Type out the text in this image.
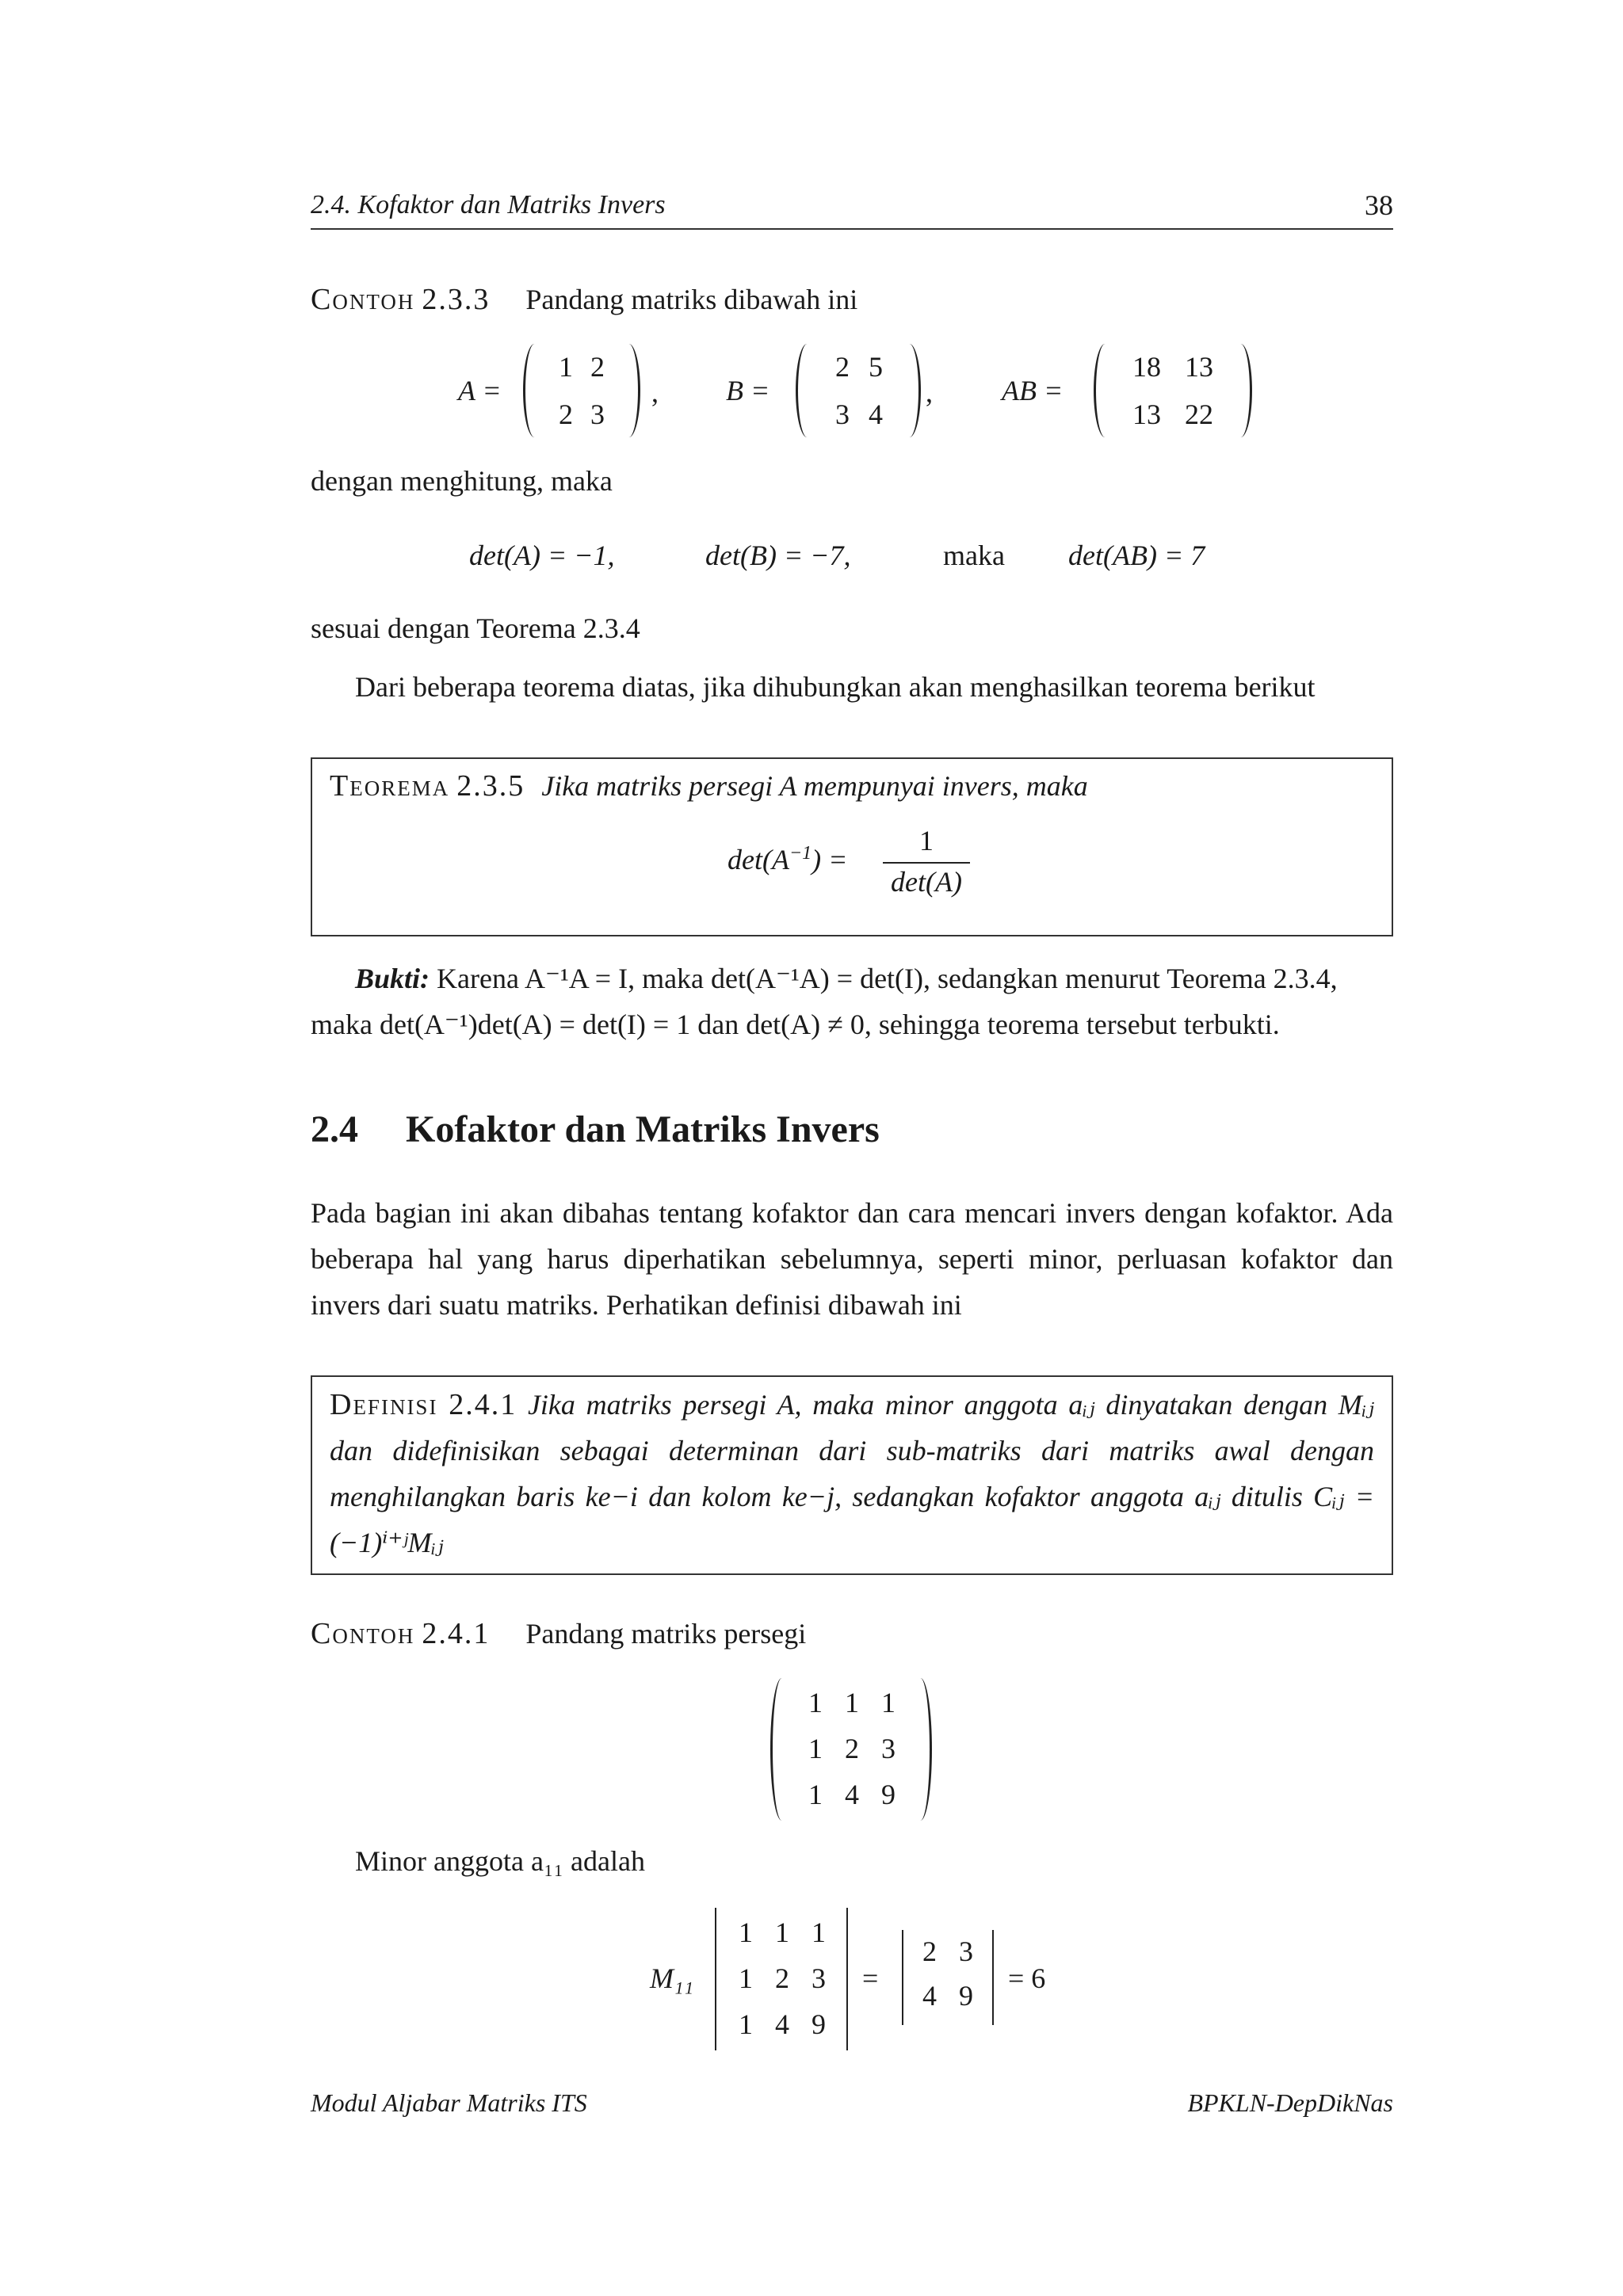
2.4. Kofaktor dan Matriks Invers	38
Contoh 2.3.3 Pandang matriks dibawah ini
A =
1 2
2 3
, B =
2 5
3 4
, AB =
18 13
13 22
dengan menghitung, maka
det(A) = −1,	det(B) = −7,	maka det(AB) = 7
sesuai dengan Teorema 2.3.4
Dari beberapa teorema diatas, jika dihubungkan akan menghasilkan teorema berikut
Teorema 2.3.5 Jika matriks persegi A mempunyai invers, maka
$\det(A^{-1})$ =
1
det(A)
Bukti: Karena A⁻¹A = I, maka det(A⁻¹A) = det(I), sedangkan menurut Teorema 2.3.4,
maka det(A⁻¹)det(A) = det(I) = 1 dan det(A) ≠ 0, sehingga teorema tersebut terbukti.
2.4 Kofaktor dan Matriks Invers
Pada bagian ini akan dibahas tentang kofaktor dan cara mencari invers dengan kofaktor. Ada beberapa hal yang harus diperhatikan sebelumnya, seperti minor, perluasan kofaktor dan invers dari suatu matriks. Perhatikan definisi dibawah ini
Definisi 2.4.1 Jika matriks persegi A, maka minor anggota aᵢⱼ dinyatakan dengan Mᵢⱼ dan didefinisikan sebagai determinan dari sub-matriks dari matriks awal dengan menghilangkan baris ke−i dan kolom ke−j, sedangkan kofaktor anggota aᵢⱼ ditulis Cᵢⱼ = (−1)ⁱ⁺ʲMᵢⱼ
Contoh 2.4.1 Pandang matriks persegi
1 1 1
1 2 3
1 4 9
Minor anggota a₁₁ adalah
M₁₁
1 1 1
1 2 3
1 4 9
=
2 3
4 9
= 6
Modul Aljabar Matriks ITS	BPKLN-DepDikNas
